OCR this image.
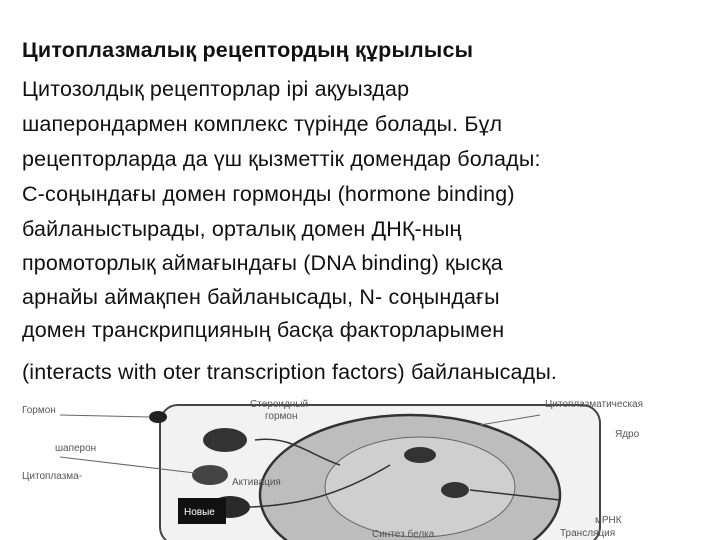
Цитоплазмалық рецептордың құрылысы
Цитозолдық рецепторлар ірі ақуыздар
шаперондармен комплекс түрінде болады. Бұл
рецепторларда да үш қызметтік домендар болады:
С-соңындағы домен гормонды (hormone binding)
байланыстырады, орталық домен ДНҚ-ның
промоторлық аймағындағы (DNA binding) қысқа
арнайы аймақпен байланысады, N- соңындағы
домен транскрипцияның басқа факторларымен
(interacts with oter transcription factors) байланысады.
Гормон
шаперон
Цитоплазма-
Активация
Новые
Стероидный
гормон
Цитоплазматическая
Ядро
мРНК
Трансляция
Синтез белка
